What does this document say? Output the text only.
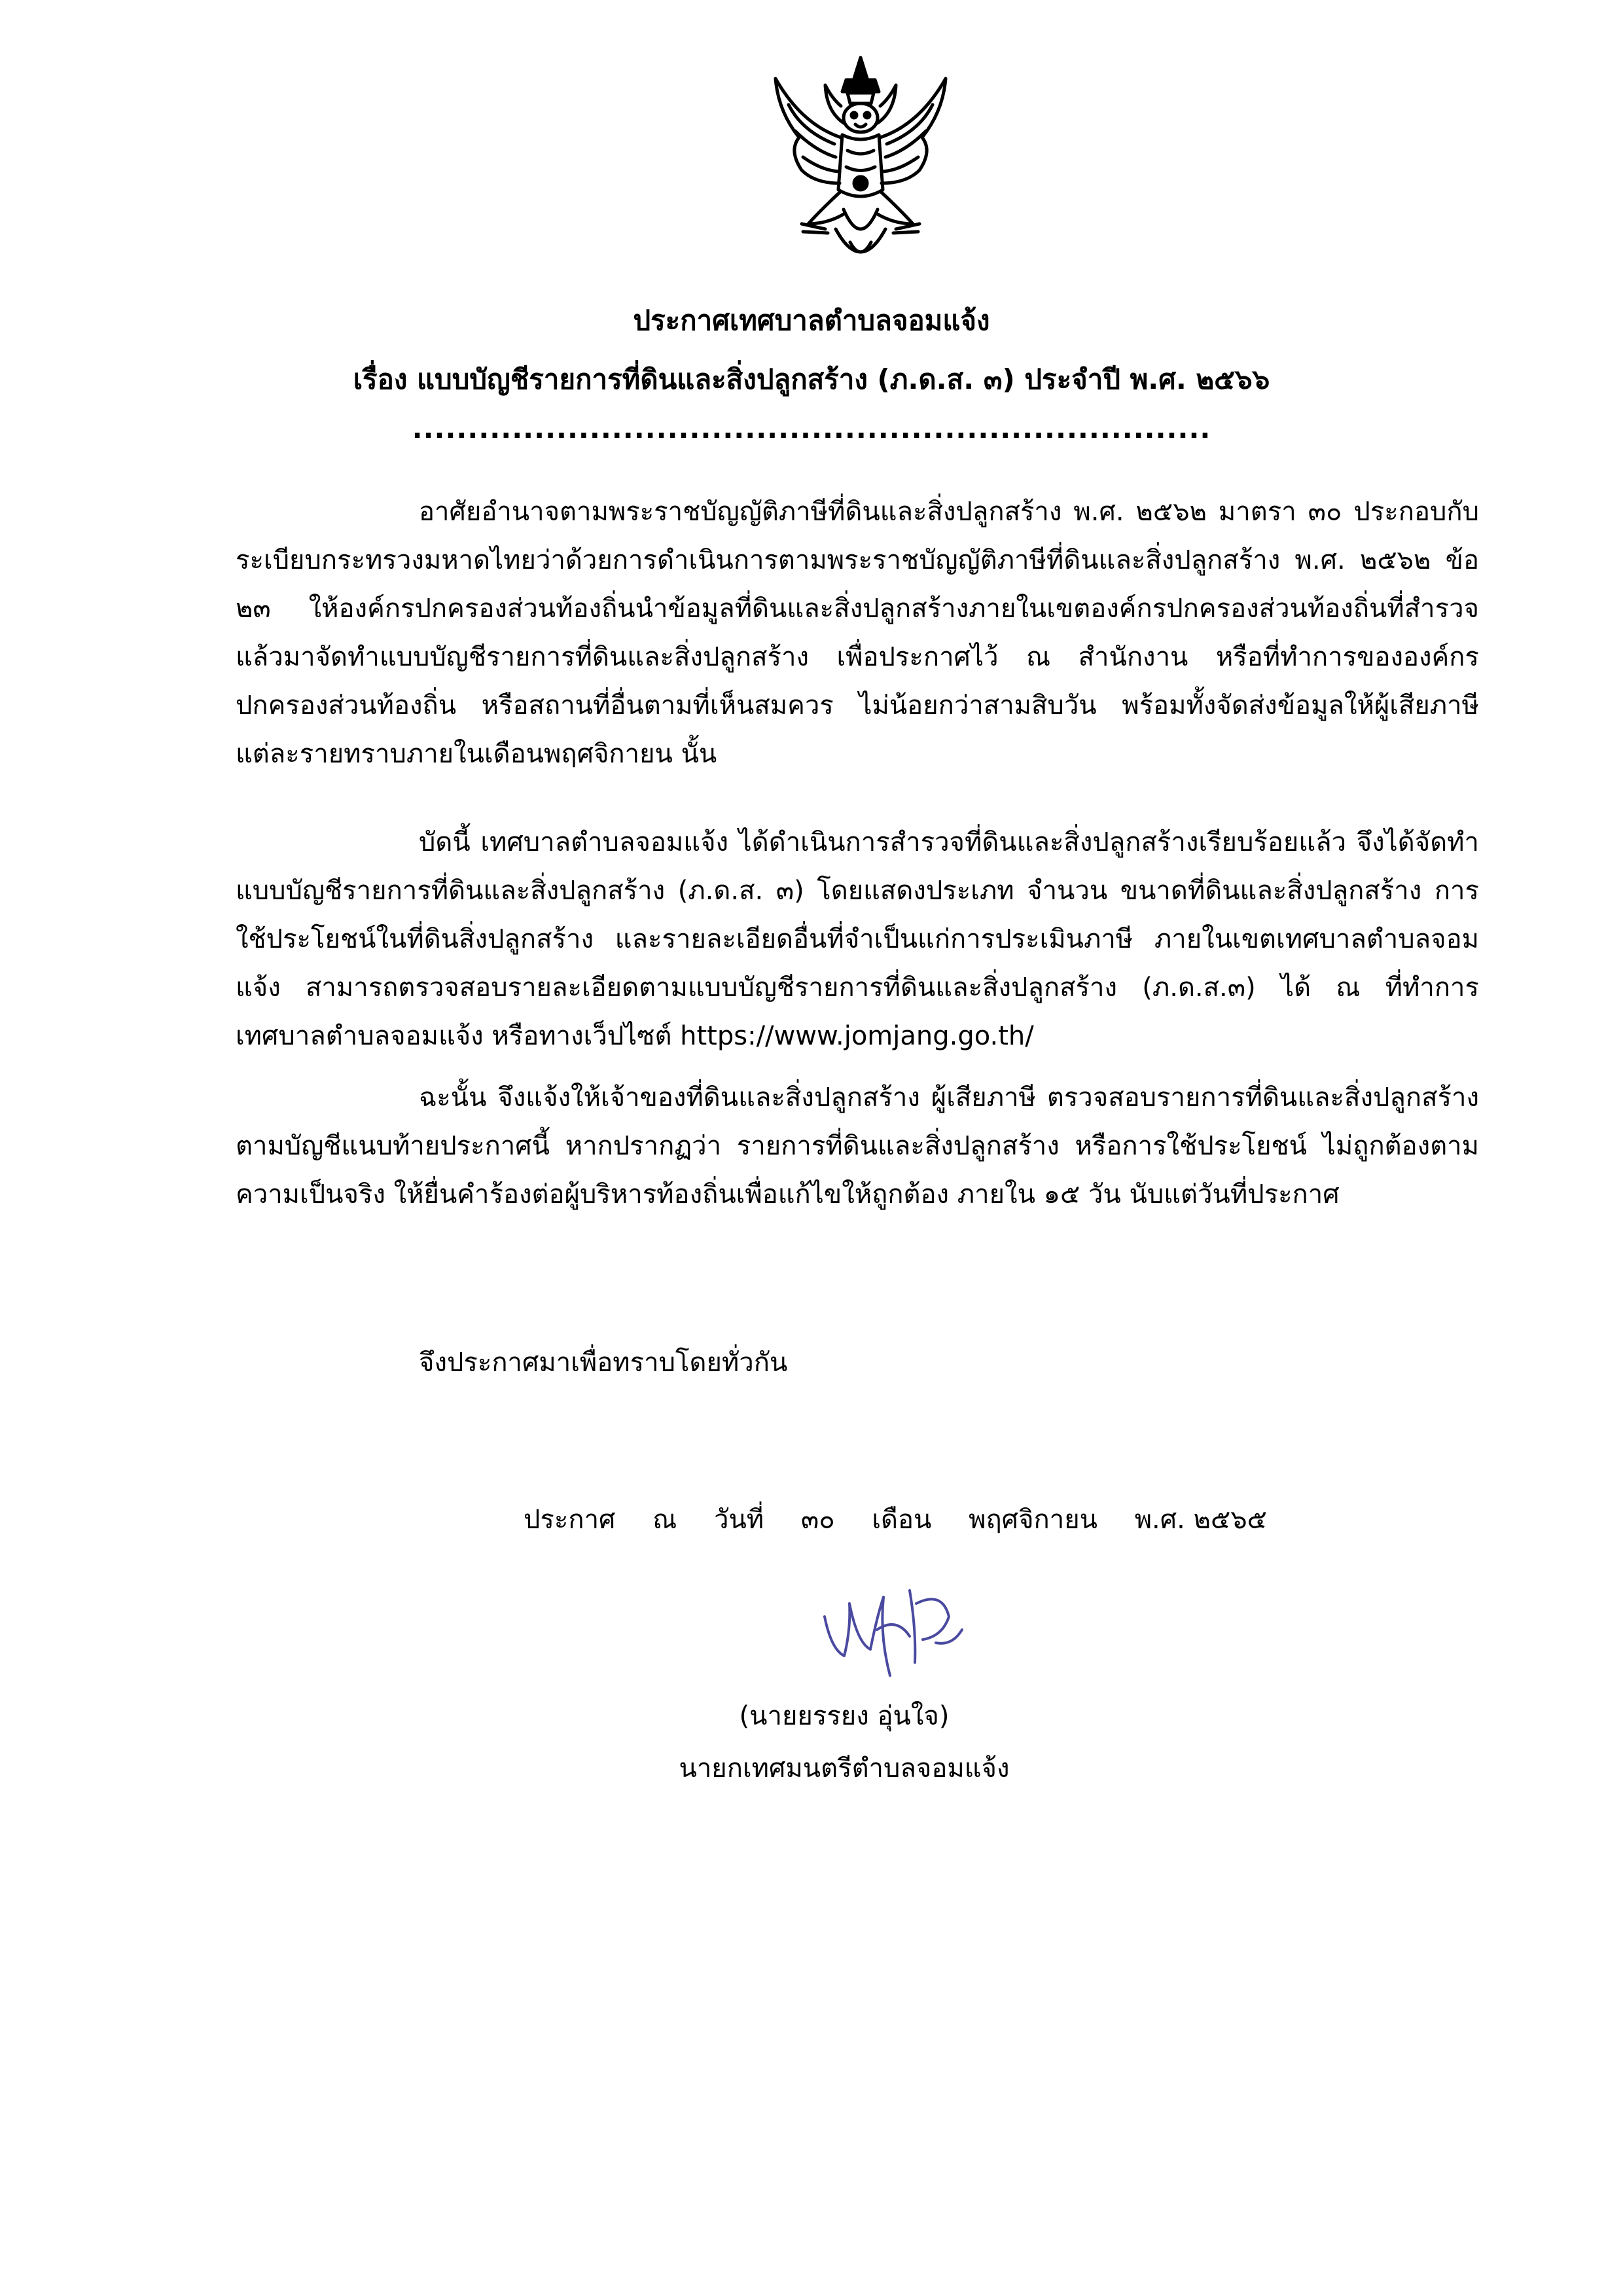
ประกาศเทศบาลตำบลจอมแจ้ง
เรื่อง แบบบัญชีรายการที่ดินและสิ่งปลูกสร้าง (ภ.ด.ส. ๓) ประจำปี พ.ศ. ๒๕๖๖
........................................................................

อาศัยอำนาจตามพระราชบัญญัติภาษีที่ดินและสิ่งปลูกสร้าง พ.ศ. ๒๕๖๒ มาตรา ๓๐ ประกอบกับระเบียบกระทรวงมหาดไทยว่าด้วยการดำเนินการตามพระราชบัญญัติภาษีที่ดินและสิ่งปลูกสร้าง พ.ศ. ๒๕๖๒ ข้อ ๒๓ ให้องค์กรปกครองส่วนท้องถิ่นนำข้อมูลที่ดินและสิ่งปลูกสร้างภายในเขตองค์กรปกครองส่วนท้องถิ่นที่สำรวจแล้วมาจัดทำแบบบัญชีรายการที่ดินและสิ่งปลูกสร้าง เพื่อประกาศไว้ ณ สำนักงาน หรือที่ทำการขององค์กรปกครองส่วนท้องถิ่น หรือสถานที่อื่นตามที่เห็นสมควร ไม่น้อยกว่าสามสิบวัน พร้อมทั้งจัดส่งข้อมูลให้ผู้เสียภาษีแต่ละรายทราบภายในเดือนพฤศจิกายน นั้น

บัดนี้ เทศบาลตำบลจอมแจ้ง ได้ดำเนินการสำรวจที่ดินและสิ่งปลูกสร้างเรียบร้อยแล้ว จึงได้จัดทำแบบบัญชีรายการที่ดินและสิ่งปลูกสร้าง (ภ.ด.ส. ๓) โดยแสดงประเภท จำนวน ขนาดที่ดินและสิ่งปลูกสร้าง การใช้ประโยชน์ในที่ดินสิ่งปลูกสร้าง และรายละเอียดอื่นที่จำเป็นแก่การประเมินภาษี ภายในเขตเทศบาลตำบลจอมแจ้ง สามารถตรวจสอบรายละเอียดตามแบบบัญชีรายการที่ดินและสิ่งปลูกสร้าง (ภ.ด.ส.๓) ได้ ณ ที่ทำการเทศบาลตำบลจอมแจ้ง หรือทางเว็ปไซต์ https://www.jomjang.go.th/

ฉะนั้น จึงแจ้งให้เจ้าของที่ดินและสิ่งปลูกสร้าง ผู้เสียภาษี ตรวจสอบรายการที่ดินและสิ่งปลูกสร้าง ตามบัญชีแนบท้ายประกาศนี้ หากปรากฏว่า รายการที่ดินและสิ่งปลูกสร้าง หรือการใช้ประโยชน์ ไม่ถูกต้องตามความเป็นจริง ให้ยื่นคำร้องต่อผู้บริหารท้องถิ่นเพื่อแก้ไขให้ถูกต้อง ภายใน ๑๕ วัน นับแต่วันที่ประกาศ

จึงประกาศมาเพื่อทราบโดยทั่วกัน
ประกาศ ณ วันที่ ๓๐ เดือน พฤศจิกายน พ.ศ. ๒๕๖๕
(นายยรรยง อุ่นใจ)
นายกเทศมนตรีตำบลจอมแจ้ง
